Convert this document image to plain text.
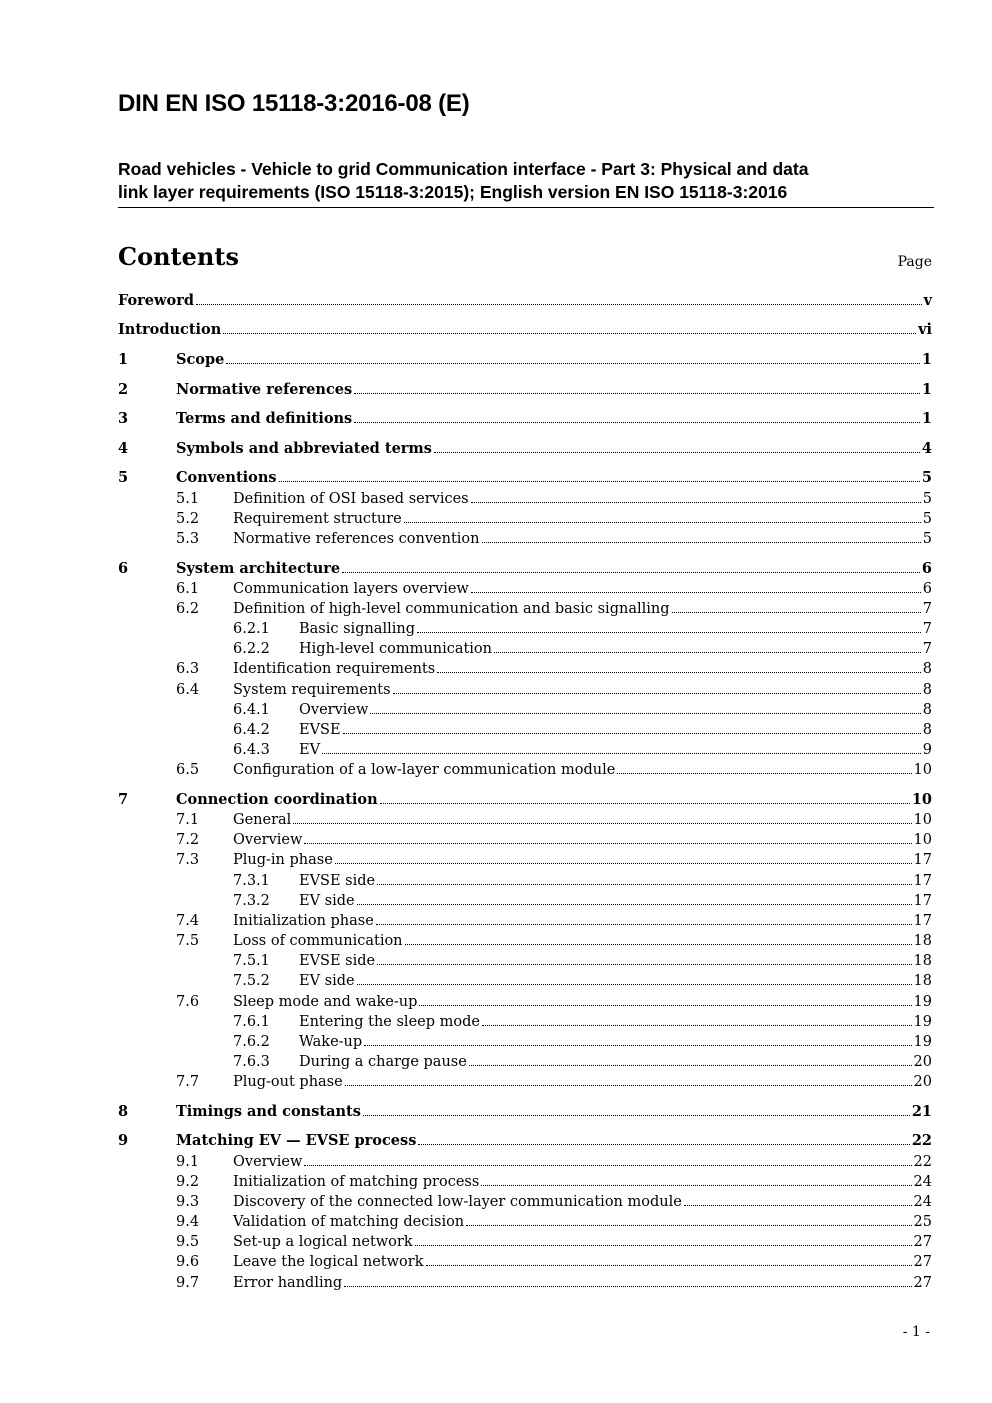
DIN EN ISO 15118-3:2016-08 (E)
Road vehicles - Vehicle to grid Communication interface - Part 3: Physical and data
link layer requirements (ISO 15118-3:2015); English version EN ISO 15118-3:2016
Contents	Page
Foreword	v
Introduction	vi
1	Scope	1
2	Normative references	1
3	Terms and definitions	1
4	Symbols and abbreviated terms	4
5	Conventions	5
5.1	Definition of OSI based services	5
5.2	Requirement structure	5
5.3	Normative references convention	5
6	System architecture	6
6.1	Communication layers overview	6
6.2	Definition of high-level communication and basic signalling	7
6.2.1	Basic signalling	7
6.2.2	High-level communication	7
6.3	Identification requirements	8
6.4	System requirements	8
6.4.1	Overview	8
6.4.2	EVSE	8
6.4.3	EV	9
6.5	Configuration of a low-layer communication module	10
7	Connection coordination	10
7.1	General	10
7.2	Overview	10
7.3	Plug-in phase	17
7.3.1	EVSE side	17
7.3.2	EV side	17
7.4	Initialization phase	17
7.5	Loss of communication	18
7.5.1	EVSE side	18
7.5.2	EV side	18
7.6	Sleep mode and wake-up	19
7.6.1	Entering the sleep mode	19
7.6.2	Wake-up	19
7.6.3	During a charge pause	20
7.7	Plug-out phase	20
8	Timings and constants	21
9	Matching EV — EVSE process	22
9.1	Overview	22
9.2	Initialization of matching process	24
9.3	Discovery of the connected low-layer communication module	24
9.4	Validation of matching decision	25
9.5	Set-up a logical network	27
9.6	Leave the logical network	27
9.7	Error handling	27
- 1 -
